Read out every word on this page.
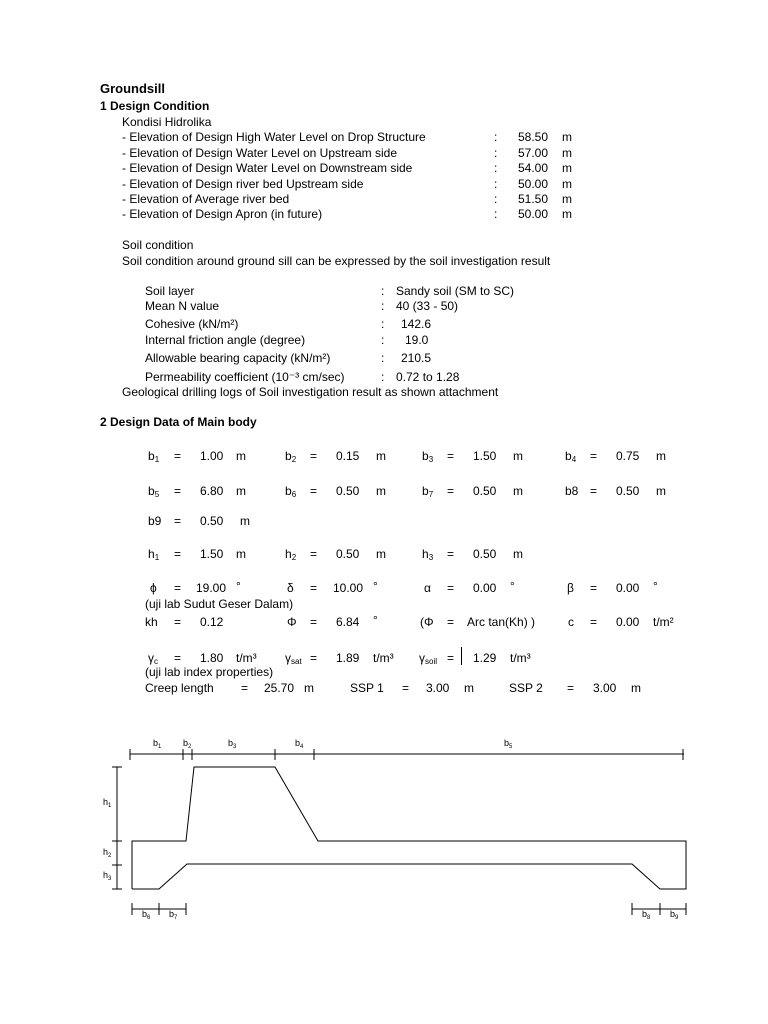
Groundsill
1 Design Condition
Kondisi Hidrolika
- Elevation of Design High Water Level on Drop Structure	: 58.50 m
- Elevation of Design Water Level on Upstream side	: 57.00 m
- Elevation of Design Water Level on Downstream side	: 54.00 m
- Elevation of Design river bed Upstream side	: 50.00 m
- Elevation of Average river bed	: 51.50 m
- Elevation of Design Apron (in future)	: 50.00 m
Soil condition
Soil condition around ground sill can be expressed by the soil investigation result
Soil layer	: Sandy soil (SM to SC)
Mean N value	: 40 (33 - 50)
Cohesive (kN/m²)	: 142.6
Internal friction angle (degree)	: 19.0
Allowable bearing capacity (kN/m²)	: 210.5
Permeability coefficient (10⁻³ cm/sec)	: 0.72 to 1.28
Geological drilling logs of Soil investigation result as shown attachment
2 Design Data of Main body
$b_1 = 1.00$ m	$b_2 = 0.15$ m	$b_3 = 1.50$ m	$b_4 = 0.75$ m
$b_5 = 6.80$ m	$b_6 = 0.50$ m	$b_7 = 0.50$ m	b8 = 0.50 m
b9 = 0.50 m
$h_1 = 1.50$ m	$h_2 = 0.50$ m	$h_3 = 0.50$ m
ϕ = 19.00 °	δ = 10.00 °	α = 0.00 °	β = 0.00 °
(uji lab Sudut Geser Dalam)
kh = 0.12	Φ = 6.84 °	(Φ = Arc tan(Kh) )	c = 0.00 t/m²
$\gamma_c = 1.80$ t/m³ $\gamma_{sat} = 1.89$ t/m³ $\gamma_{soil} = 1.29$ t/m³
(uji lab index properties)
Creep length = 25.70 m	SSP 1 = 3.00 m	SSP 2 = 3.00 m
$b_1$ $b_2$	$b_3$	$b_4$	$b_5$
$h_1$
$h_2$
$h_3$
$b_6$ $b_7$	$b_8$ $b_9$
